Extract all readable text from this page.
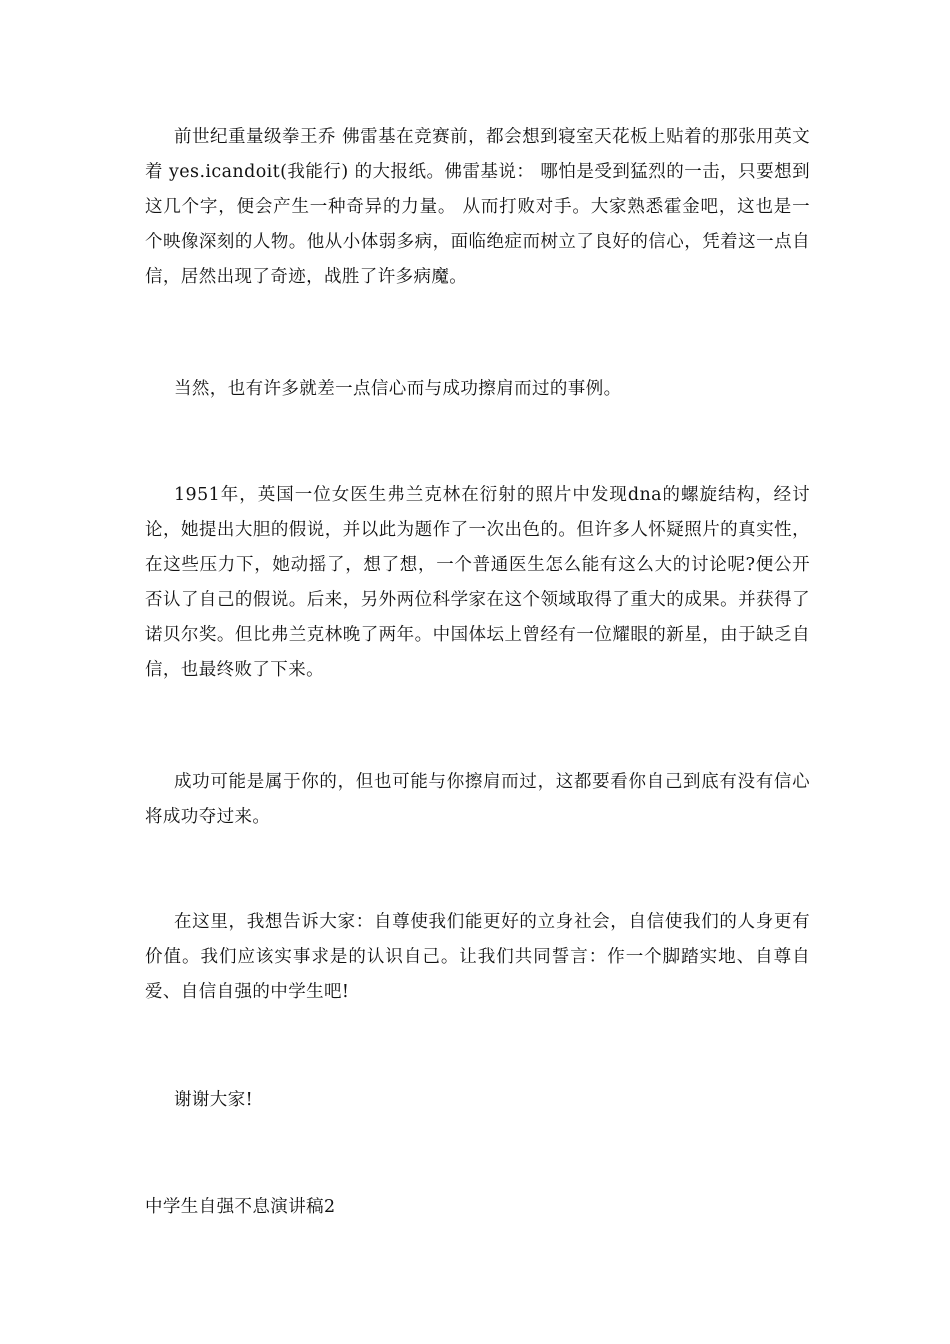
前世纪重量级拳王乔 佛雷基在竞赛前，都会想到寝室天花板上贴着的那张用英文着 yes.icandoit(我能行) 的大报纸。佛雷基说： 哪怕是受到猛烈的一击，只要想到这几个字，便会产生一种奇异的力量。 从而打败对手。大家熟悉霍金吧，这也是一个映像深刻的人物。他从小体弱多病，面临绝症而树立了良好的信心，凭着这一点自信，居然出现了奇迹，战胜了许多病魔。

当然，也有许多就差一点信心而与成功擦肩而过的事例。

1951年，英国一位女医生弗兰克林在衍射的照片中发现dna的螺旋结构，经讨论，她提出大胆的假说，并以此为题作了一次出色的。但许多人怀疑照片的真实性，在这些压力下，她动摇了，想了想，一个普通医生怎么能有这么大的讨论呢?便公开否认了自己的假说。后来，另外两位科学家在这个领域取得了重大的成果。并获得了诺贝尔奖。但比弗兰克林晚了两年。中国体坛上曾经有一位耀眼的新星，由于缺乏自信，也最终败了下来。

成功可能是属于你的，但也可能与你擦肩而过，这都要看你自己到底有没有信心将成功夺过来。

在这里，我想告诉大家：自尊使我们能更好的立身社会，自信使我们的人身更有价值。我们应该实事求是的认识自己。让我们共同誓言：作一个脚踏实地、自尊自爱、自信自强的中学生吧!

谢谢大家!

中学生自强不息演讲稿2
